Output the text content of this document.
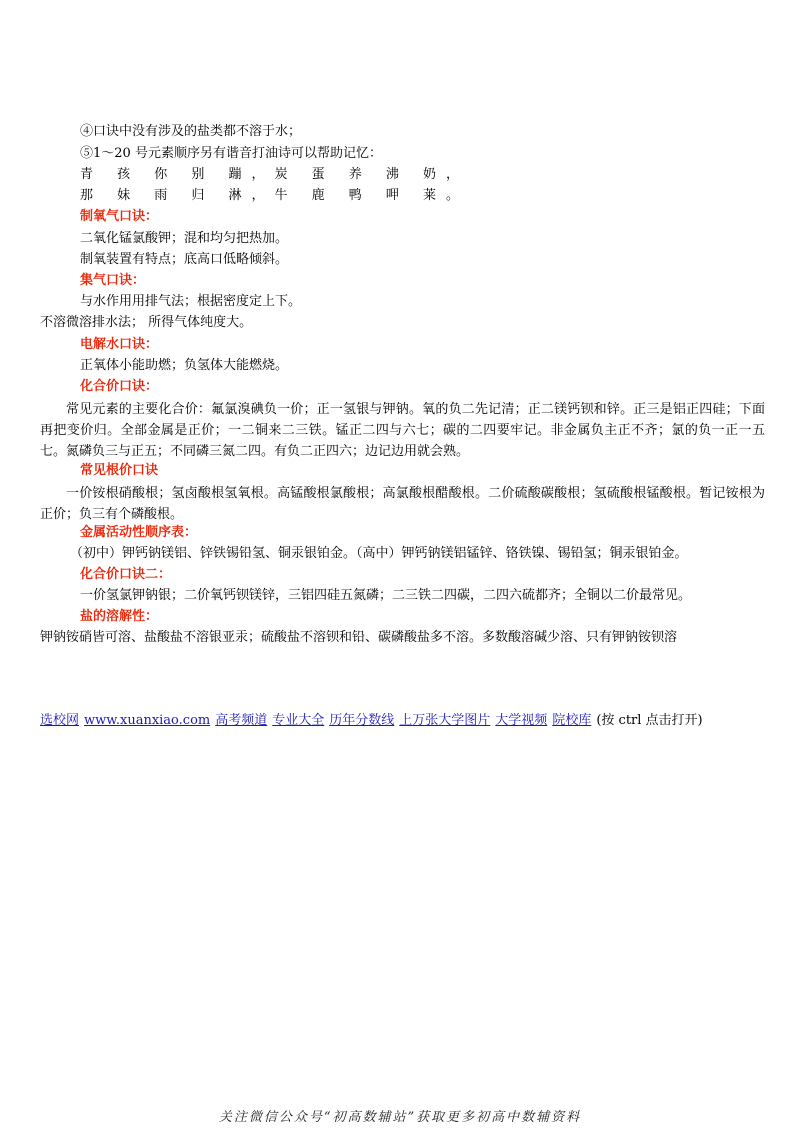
④口诀中没有涉及的盐类都不溶于水；
⑤1～20 号元素顺序另有谐音打油诗可以帮助记忆：
青 孩 你 别 蹦，炭 蛋 养 沸 奶，
那 妹 雨 归 淋，牛 鹿 鸭 呷 莱。
制氧气口诀：
二氧化锰氯酸钾；混和均匀把热加。
制氧装置有特点；底高口低略倾斜。
集气口诀：
与水作用用排气法；根据密度定上下。
不溶微溶排水法； 所得气体纯度大。
电解水口诀：
正氧体小能助燃；负氢体大能燃烧。
化合价口诀：
常见元素的主要化合价：氟氯溴碘负一价；正一氢银与钾钠。氧的负二先记清；正二镁钙钡和锌。正三是铝正四硅；下面再把变价归。全部金属是正价；一二铜来二三铁。锰正二四与六七；碳的二四要牢记。非金属负主正不齐；氯的负一正一五七。氮磷负三与正五；不同磷三氮二四。有负二正四六；边记边用就会熟。
常见根价口诀
一价铵根硝酸根；氢卤酸根氢氧根。高锰酸根氯酸根；高氯酸根醋酸根。二价硫酸碳酸根；氢硫酸根锰酸根。暂记铵根为正价；负三有个磷酸根。
金属活动性顺序表：
（初中）钾钙钠镁铝、锌铁锡铅氢、铜汞银铂金。（高中）钾钙钠镁铝锰锌、铬铁镍、锡铅氢；铜汞银铂金。
化合价口诀二：
一价氢氯钾钠银；二价氧钙钡镁锌，三铝四硅五氮磷；二三铁二四碳，二四六硫都齐；全铜以二价最常见。
盐的溶解性：
钾钠铵硝皆可溶、盐酸盐不溶银亚汞；硫酸盐不溶钡和铅、碳磷酸盐多不溶。多数酸溶碱少溶、只有钾钠铵钡溶
选校网 www.xuanxiao.com 高考频道 专业大全 历年分数线 上万张大学图片 大学视频 院校库 (按 ctrl 点击打开)
关注微信公众号“初高数辅站”获取更多初高中数辅资料
